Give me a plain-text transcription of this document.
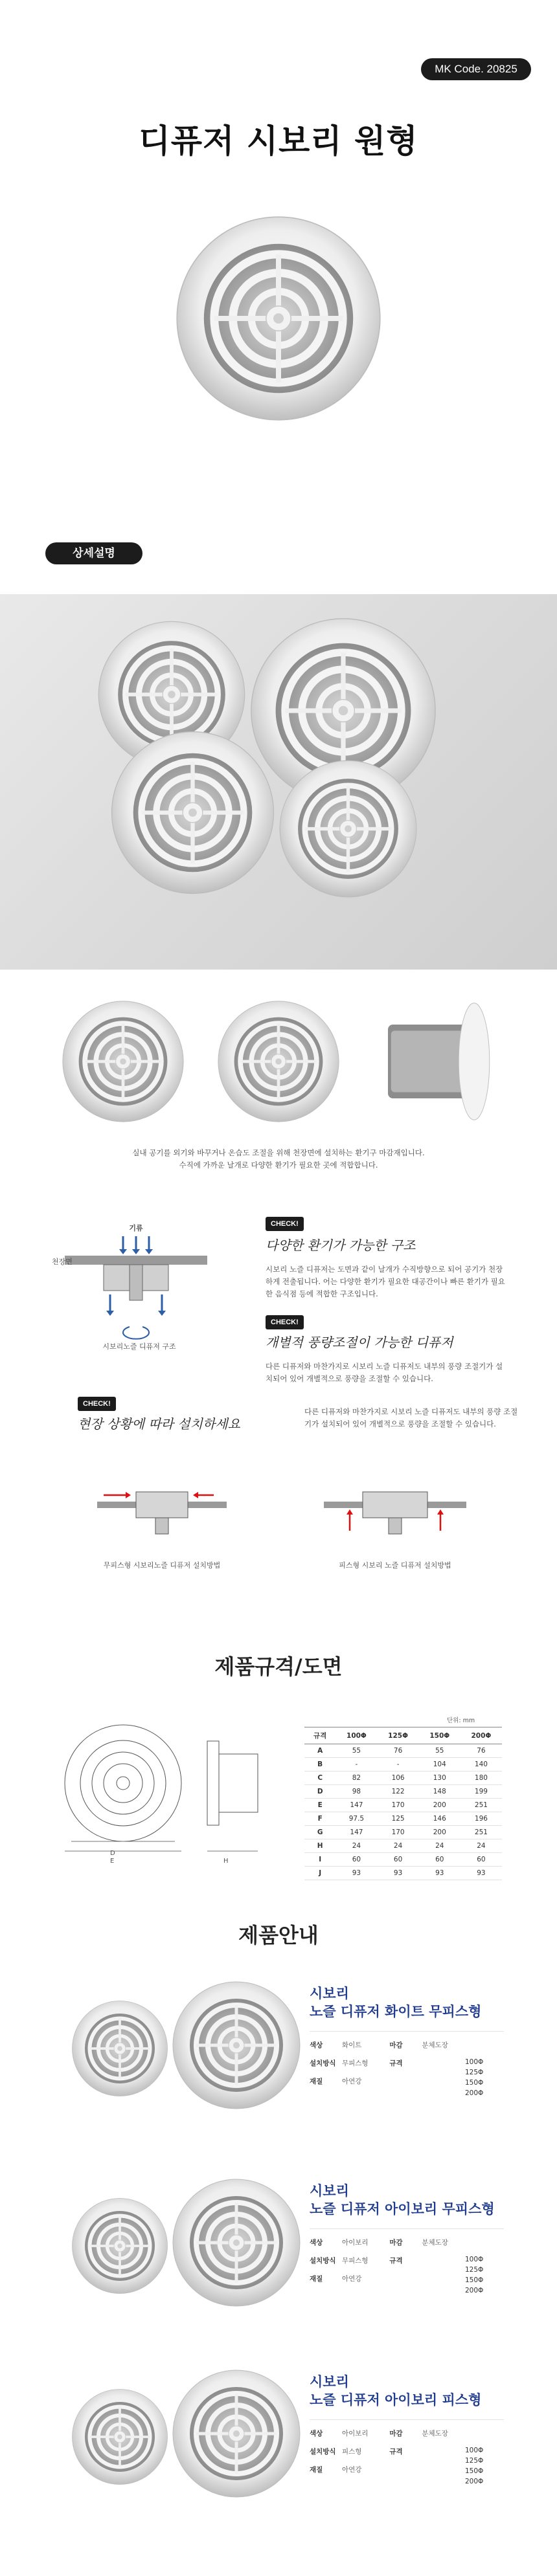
MK Code. 20825
디퓨저 시보리 원형
상세설명
실내 공기를 외기와 바꾸거나 온습도 조절을 위해 천장면에 설치하는 환기구 마감재입니다.
수직에 가까운 날개로 다양한 환기가 필요한 곳에 적합합니다.
기류
천장면
시보리노즐 디퓨저 구조
CHECK!
다양한 환기가 가능한 구조
시보리 노즐 디퓨저는 도면과 같이 날개가 수직방향으로 되어 공기가 천장하게 전출됩니다. 어는 다양한 환기가 필요한 대공간이나 빠른 환기가 필요한 음식점 등에 적합한 구조입니다.
CHECK!
개별적 풍량조절이 가능한 디퓨저
다른 디퓨저와 마찬가지로 시보리 노즐 디퓨저도 내부의 풍량 조절기가 설치되어 있어 개별적으로 풍량을 조절할 수 있습니다.
CHECK!
현장 상황에 따라 설치하세요
다른 디퓨저와 마찬가지로 시보리 노즐 디퓨저도 내부의 풍량 조절기가 설치되어 있어 개별적으로 풍량을 조절할 수 있습니다.
무피스형 시보리노즐 디퓨저 설치방법	피스형 시보리 노즐 디퓨저 설치방법
제품규격/도면
D
E	H
단위: mm
규격	100Φ	125Φ	150Φ	200Φ
A	55	76	55	76
B	-	-	104	140
C	82	106	130	180
D	98	122	148	199
E	147	170	200	251
F	97.5	125	146	196
G	147	170	200	251
H	24	24	24	24
I	60	60	60	60
J	93	93	93	93
제품안내
시보리
노즐 디퓨저 화이트 무피스형
색상	화이트	마감	분체도장
설치방식 무피스형	규격	100Φ
125Φ
150Φ
200Φ
재질	아연강
시보리
노즐 디퓨저 아이보리 무피스형
색상	아이보리	마감	분체도장
설치방식 무피스형	규격	100Φ
125Φ
150Φ
200Φ
재질	아연강
시보리
노즐 디퓨저 아이보리 피스형
색상	아이보리	마감	분체도장
설치방식 피스형	규격	100Φ
125Φ
150Φ
200Φ
재질	아연강
